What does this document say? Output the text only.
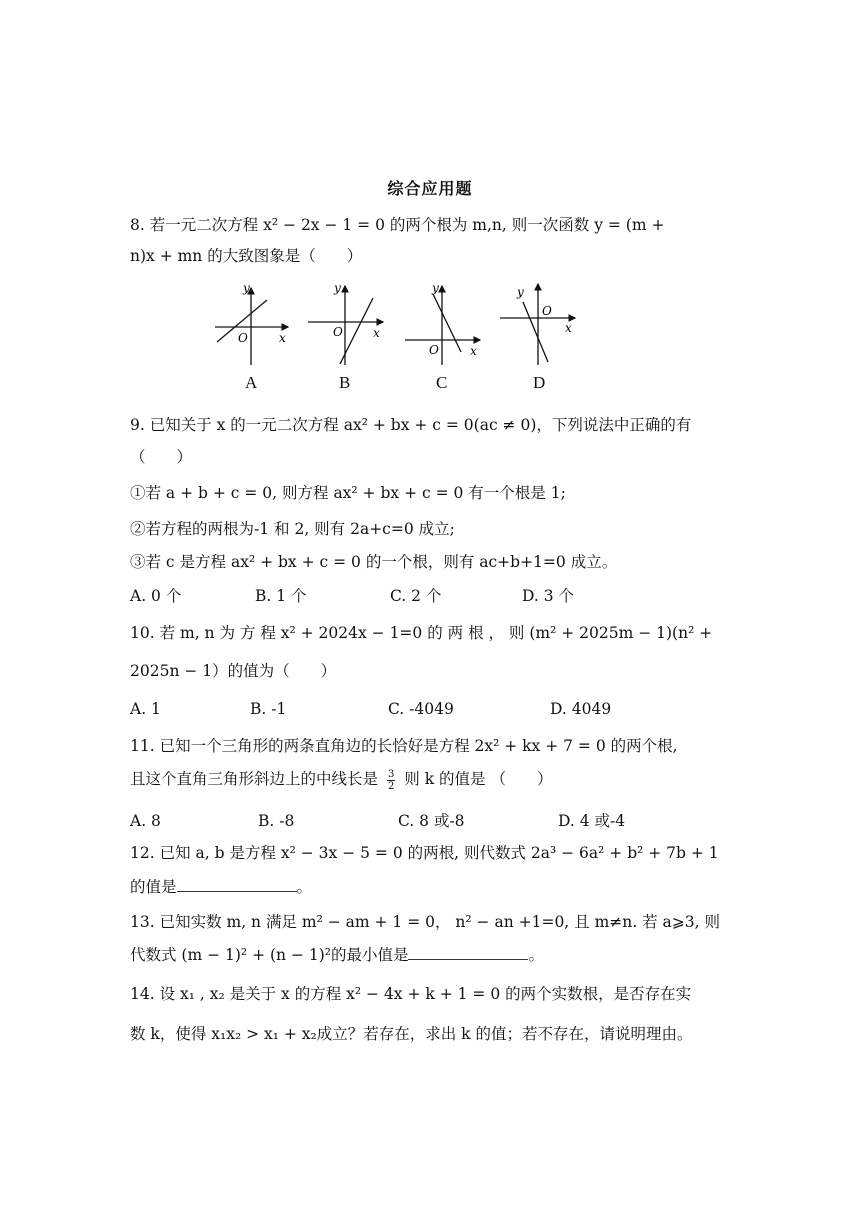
综合应用题
8. 若一元二次方程 x² − 2x − 1 = 0 的两个根为 m,n, 则一次函数 y = (m +
n)x + mn 的大致图象是（　　）
y
x
O
y
x
O
y
x
O
y
x
O
A	B	C	D
9. 已知关于 x 的一元二次方程 ax² + bx + c = 0(ac ≠ 0)，下列说法中正确的有
（　　）
①若 a + b + c = 0, 则方程 ax² + bx + c = 0 有一个根是 1;
②若方程的两根为-1 和 2, 则有 2a+c=0 成立;
③若 c 是方程 ax² + bx + c = 0 的一个根，则有 ac+b+1=0 成立。
A. 0 个	B. 1 个	C. 2 个	D. 3 个
10. 若 m, n 为 方 程 x² + 2024x − 1=0 的 两 根 ， 则 (m² + 2025m − 1)(n² +
2025n − 1）的值为（　　）
A. 1	B. -1	C. -4049	D. 4049
11. 已知一个三角形的两条直角边的长恰好是方程 2x² + kx + 7 = 0 的两个根,
且这个直角三角形斜边上的中线长是 $\frac{3}{2}$ 则 k 的值是 （　　）
A. 8	B. -8	C. 8 或-8	D. 4 或-4
12. 已知 a, b 是方程 x² − 3x − 5 = 0 的两根, 则代数式 2a³ − 6a² + b² + 7b + 1
的值是	。
13. 已知实数 m, n 满足 m² − am + 1 = 0， n² − an +1=0, 且 m≠n. 若 a⩾3, 则
代数式 (m − 1)² + (n − 1)²的最小值是	。
14. 设 x₁ , x₂ 是关于 x 的方程 x² − 4x + k + 1 = 0 的两个实数根，是否存在实
数 k，使得 x₁x₂ > x₁ + x₂成立？若存在，求出 k 的值；若不存在，请说明理由。
